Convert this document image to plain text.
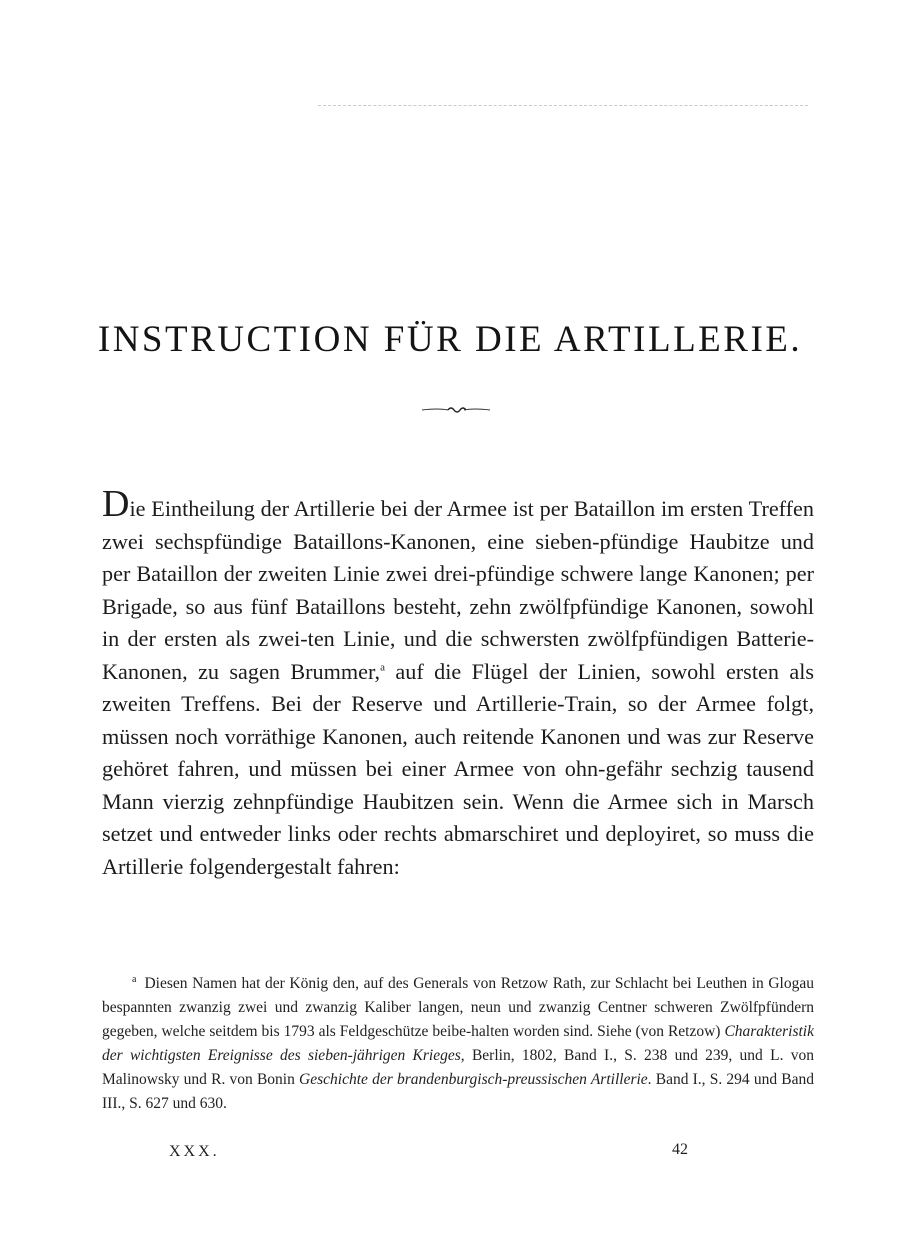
INSTRUCTION FÜR DIE ARTILLERIE.

Die Eintheilung der Artillerie bei der Armee ist per Bataillon im ersten Treffen zwei sechspfündige Bataillons-Kanonen, eine sieben-pfündige Haubitze und per Bataillon der zweiten Linie zwei drei-pfündige schwere lange Kanonen; per Brigade, so aus fünf Bataillons besteht, zehn zwölfpfündige Kanonen, sowohl in der ersten als zwei-ten Linie, und die schwersten zwölfpfündigen Batterie-Kanonen, zu sagen Brummer,$^a$ auf die Flügel der Linien, sowohl ersten als zweiten Treffens. Bei der Reserve und Artillerie-Train, so der Armee folgt, müssen noch vorräthige Kanonen, auch reitende Kanonen und was zur Reserve gehöret fahren, und müssen bei einer Armee von ohn-gefähr sechzig tausend Mann vierzig zehnpfündige Haubitzen sein. Wenn die Armee sich in Marsch setzet und entweder links oder rechts abmarschiret und deployiret, so muss die Artillerie folgendergestalt fahren:

$^a$ Diesen Namen hat der König den, auf des Generals von Retzow Rath, zur Schlacht bei Leuthen in Glogau bespannten zwanzig zwei und zwanzig Kaliber langen, neun und zwanzig Centner schweren Zwölfpfündern gegeben, welche seitdem bis 1793 als Feldgeschütze beibe-halten worden sind. Siehe (von Retzow) Charakteristik der wichtigsten Ereignisse des sieben-jährigen Krieges, Berlin, 1802, Band I., S. 238 und 239, und L. von Malinowsky und R. von Bonin Geschichte der brandenburgisch-preussischen Artillerie. Band I., S. 294 und Band III., S. 627 und 630.

XXX.	42
